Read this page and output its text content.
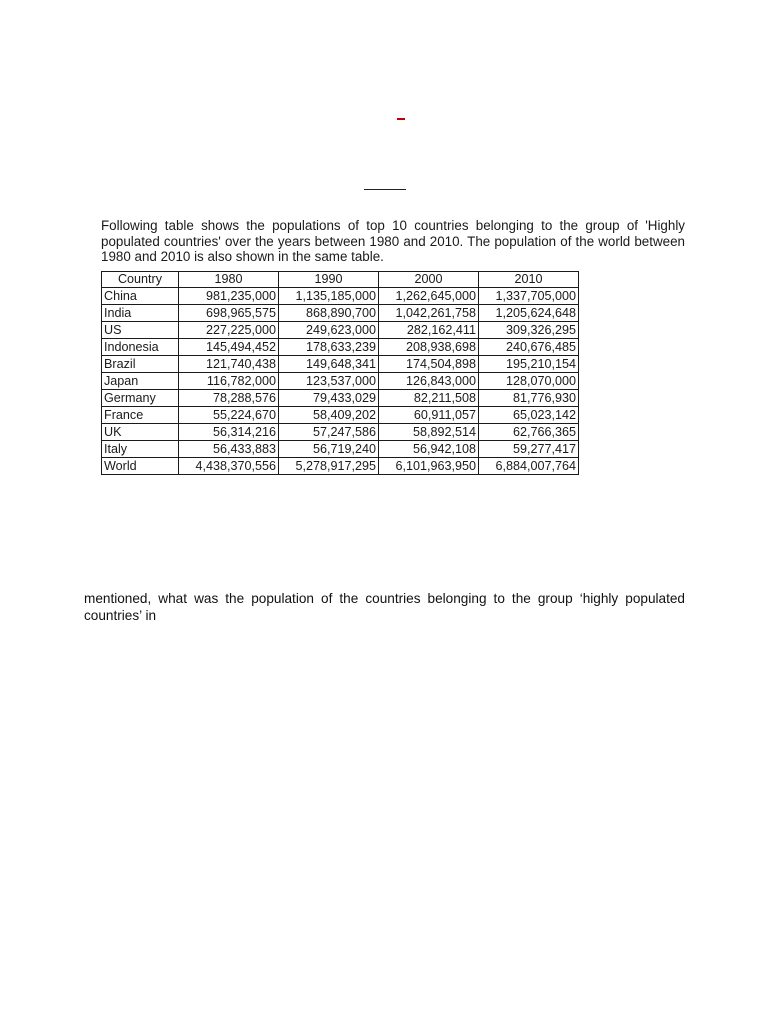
Following table shows the populations of top 10 countries belonging to the group of 'Highly populated countries' over the years between 1980 and 2010. The population of the world between 1980 and 2010 is also shown in the same table.

Country	1980	1990	2000	2010
China	981,235,000	1,135,185,000	1,262,645,000	1,337,705,000
India	698,965,575	868,890,700	1,042,261,758	1,205,624,648
US	227,225,000	249,623,000	282,162,411	309,326,295
Indonesia	145,494,452	178,633,239	208,938,698	240,676,485
Brazil	121,740,438	149,648,341	174,504,898	195,210,154
Japan	116,782,000	123,537,000	126,843,000	128,070,000
Germany	78,288,576	79,433,029	82,211,508	81,776,930
France	55,224,670	58,409,202	60,911,057	65,023,142
UK	56,314,216	57,247,586	58,892,514	62,766,365
Italy	56,433,883	56,719,240	56,942,108	59,277,417
World	4,438,370,556	5,278,917,295	6,101,963,950	6,884,007,764

mentioned, what was the population of the countries belonging to the group ‘highly populated countries’ in
